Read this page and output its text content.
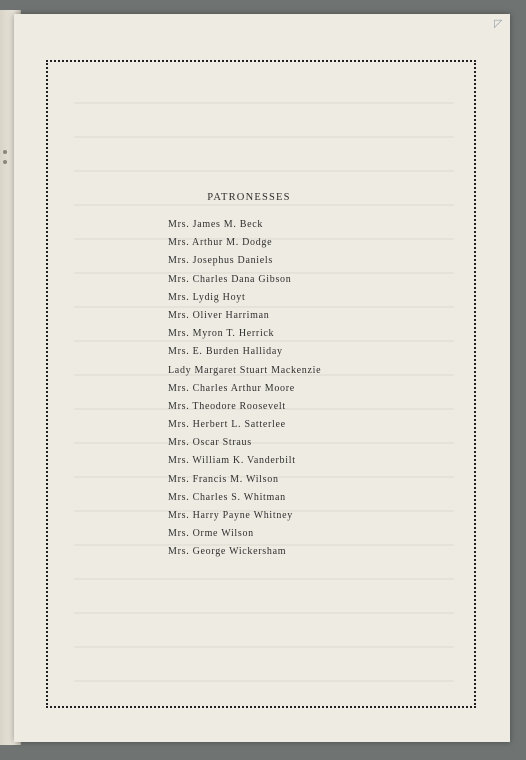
◸
PATRONESSES
Mrs. James M. Beck
Mrs. Arthur M. Dodge
Mrs. Josephus Daniels
Mrs. Charles Dana Gibson
Mrs. Lydig Hoyt
Mrs. Oliver Harriman
Mrs. Myron T. Herrick
Mrs. E. Burden Halliday
Lady Margaret Stuart Mackenzie
Mrs. Charles Arthur Moore
Mrs. Theodore Roosevelt
Mrs. Herbert L. Satterlee
Mrs. Oscar Straus
Mrs. William K. Vanderbilt
Mrs. Francis M. Wilson
Mrs. Charles S. Whitman
Mrs. Harry Payne Whitney
Mrs. Orme Wilson
Mrs. George Wickersham
